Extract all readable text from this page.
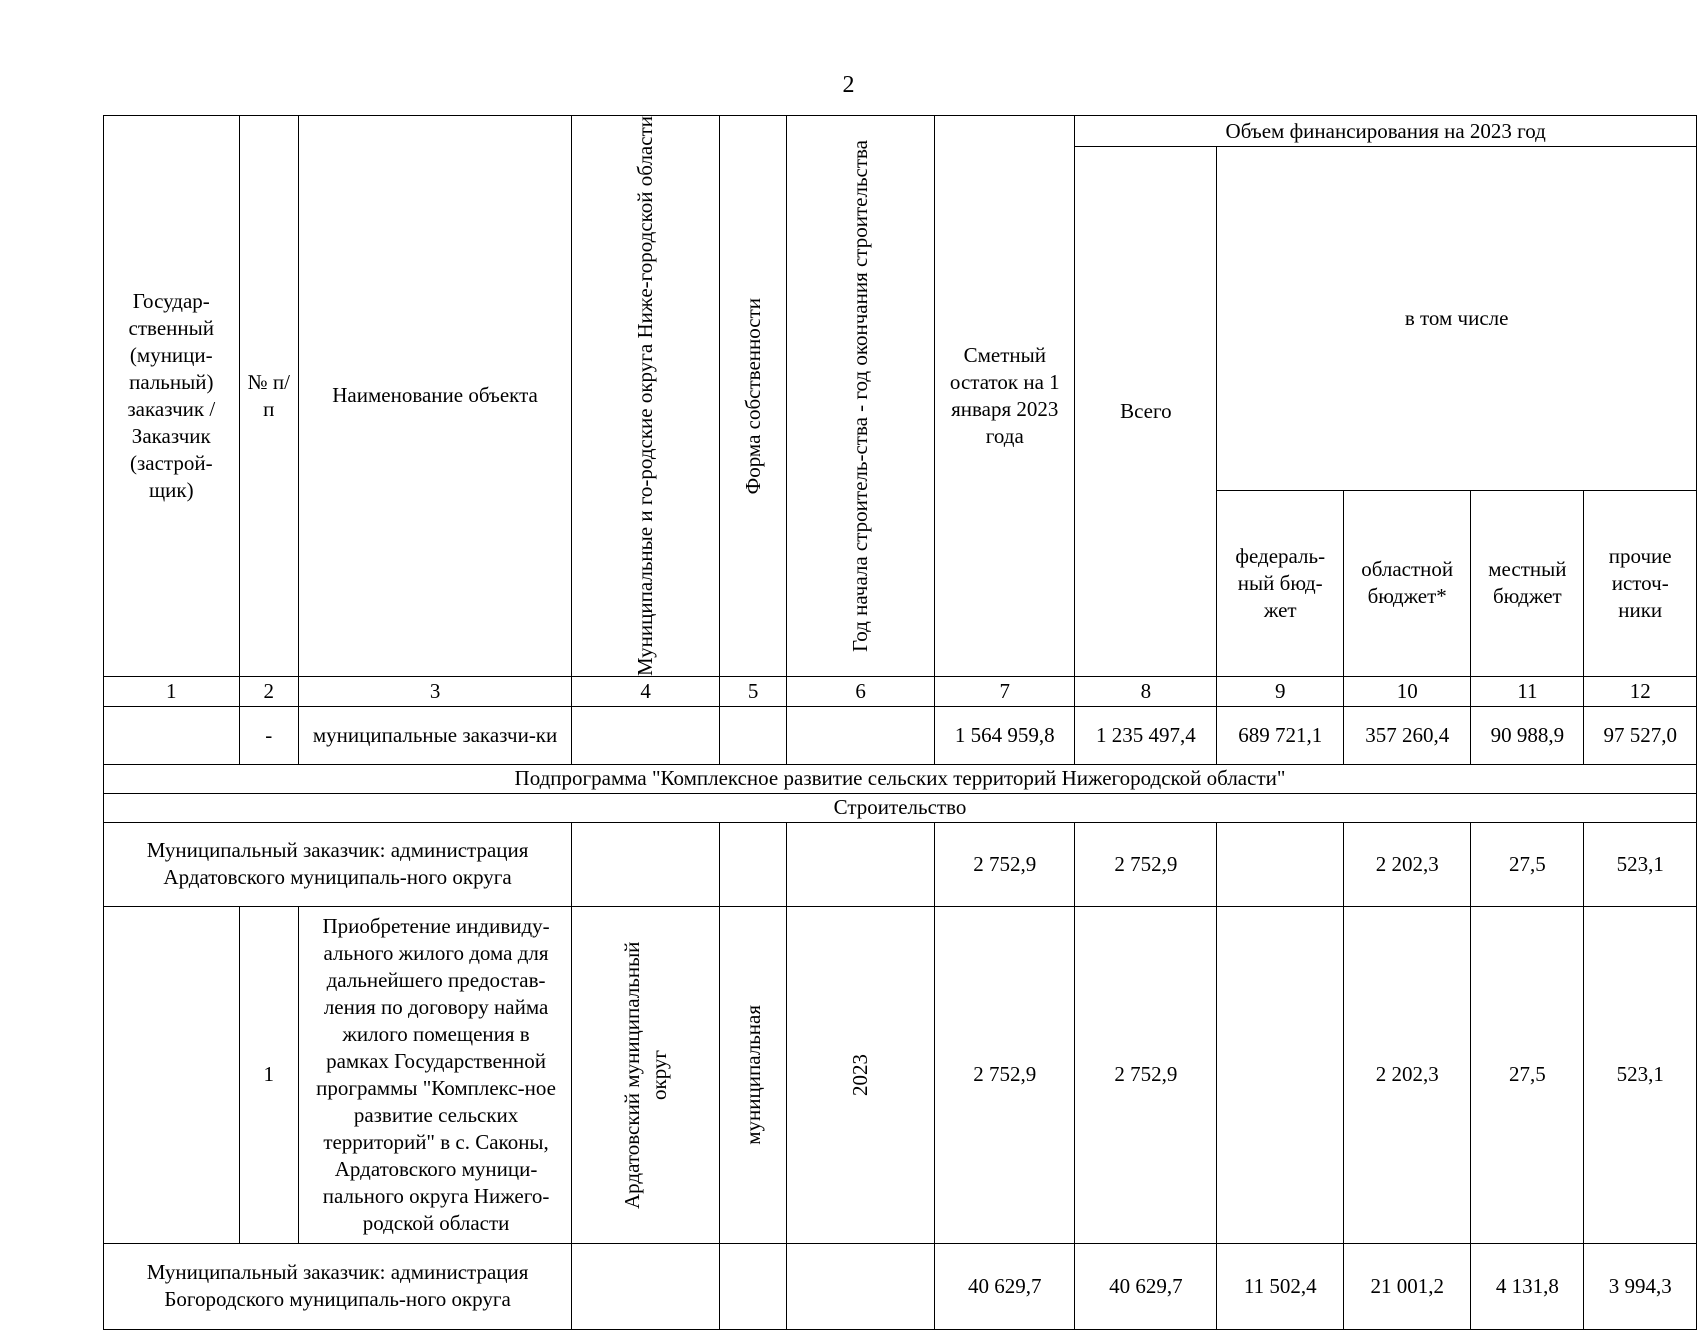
2
Государ-ственный (муници-пальный) заказчик / Заказчик (застрой-щик)	№ п/п	Наименование объекта	Муниципальные и го-родские округа Нижe-городской области	Форма собственности	Год начала строитель-ства - год окончания строительства	Сметный остаток на 1 января 2023 года	Объем финансирования на 2023 год				
							Всего	в том числе			
								федераль-ный бюд-жет	областной бюджет*	местный бюджет	прочие источ-ники
1	2	3	4	5	6	7	8	9	10	11	12
	-	муниципальные заказчи-ки				1 564 959,8	1 235 497,4	689 721,1	357 260,4	90 988,9	97 527,0
Подпрограмма "Комплексное развитие сельских территорий Нижегородской области"											
Строительство											
Муниципальный заказчик: администрация Ардатовского муниципаль-ного округа						2 752,9	2 752,9		2 202,3	27,5	523,1
	1	Приобретение индивиду-ального жилого дома для дальнейшего предостав-ления по договору найма жилого помещения в рамках Государственной программы "Комплекс-ное развитие сельских территорий" в с. Саконы, Ардатовского муници-пального округа Нижего-родской области	Ардатовский муниципальный округ	муниципальная	2023	2 752,9	2 752,9		2 202,3	27,5	523,1
Муниципальный заказчик: администрация Богородского муниципаль-ного округа						40 629,7	40 629,7	11 502,4	21 001,2	4 131,8	3 994,3
